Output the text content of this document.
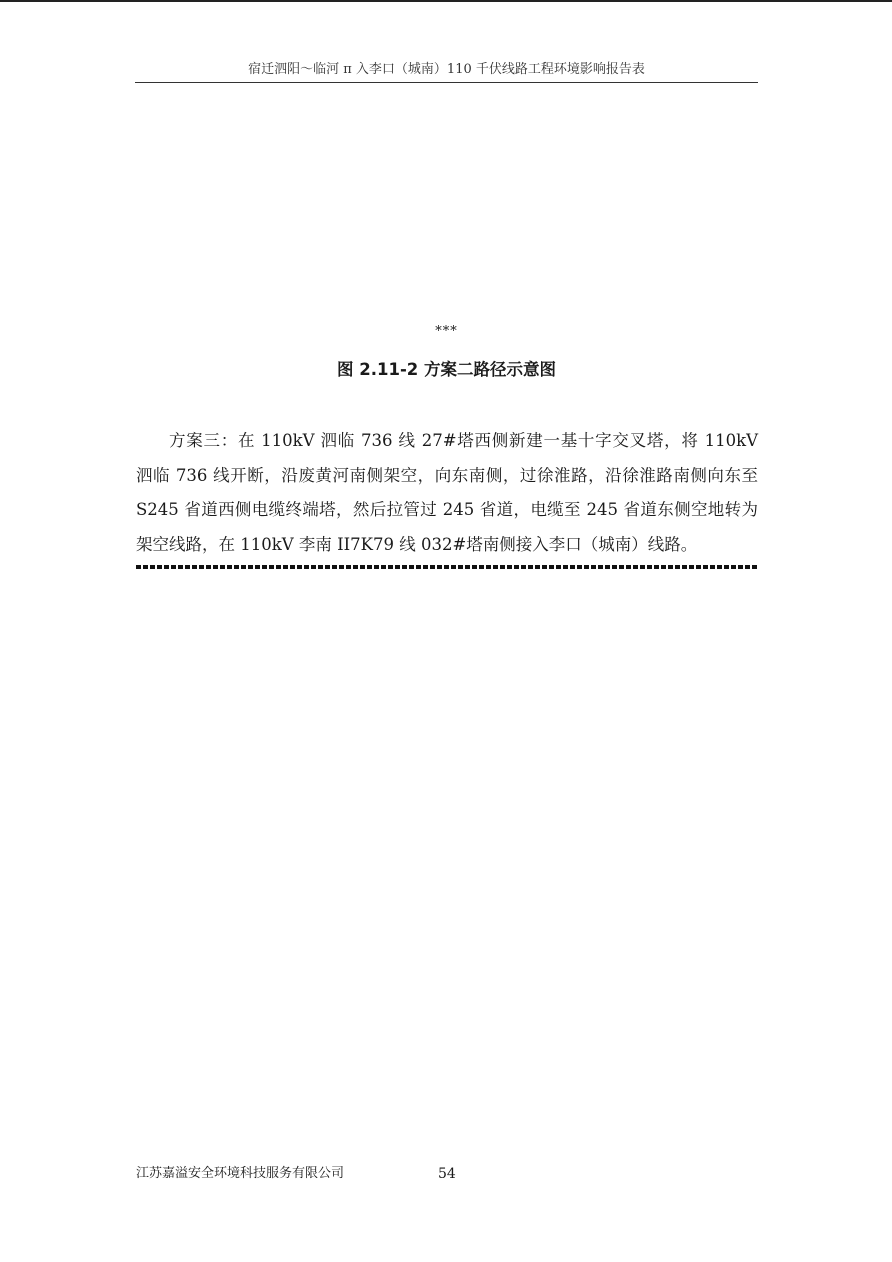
宿迁泗阳～临河 π 入李口（城南）110 千伏线路工程环境影响报告表
***
图 2.11-2 方案二路径示意图

方案三：在 110kV 泗临 736 线 27#塔西侧新建一基十字交叉塔，将 110kV 泗临 736 线开断，沿废黄河南侧架空，向东南侧，过徐淮路，沿徐淮路南侧向东至 S245 省道西侧电缆终端塔，然后拉管过 245 省道，电缆至 245 省道东侧空地转为架空线路，在 110kV 李南 II7K79 线 032#塔南侧接入李口（城南）线路。

江苏嘉溢安全环境科技服务有限公司	54
